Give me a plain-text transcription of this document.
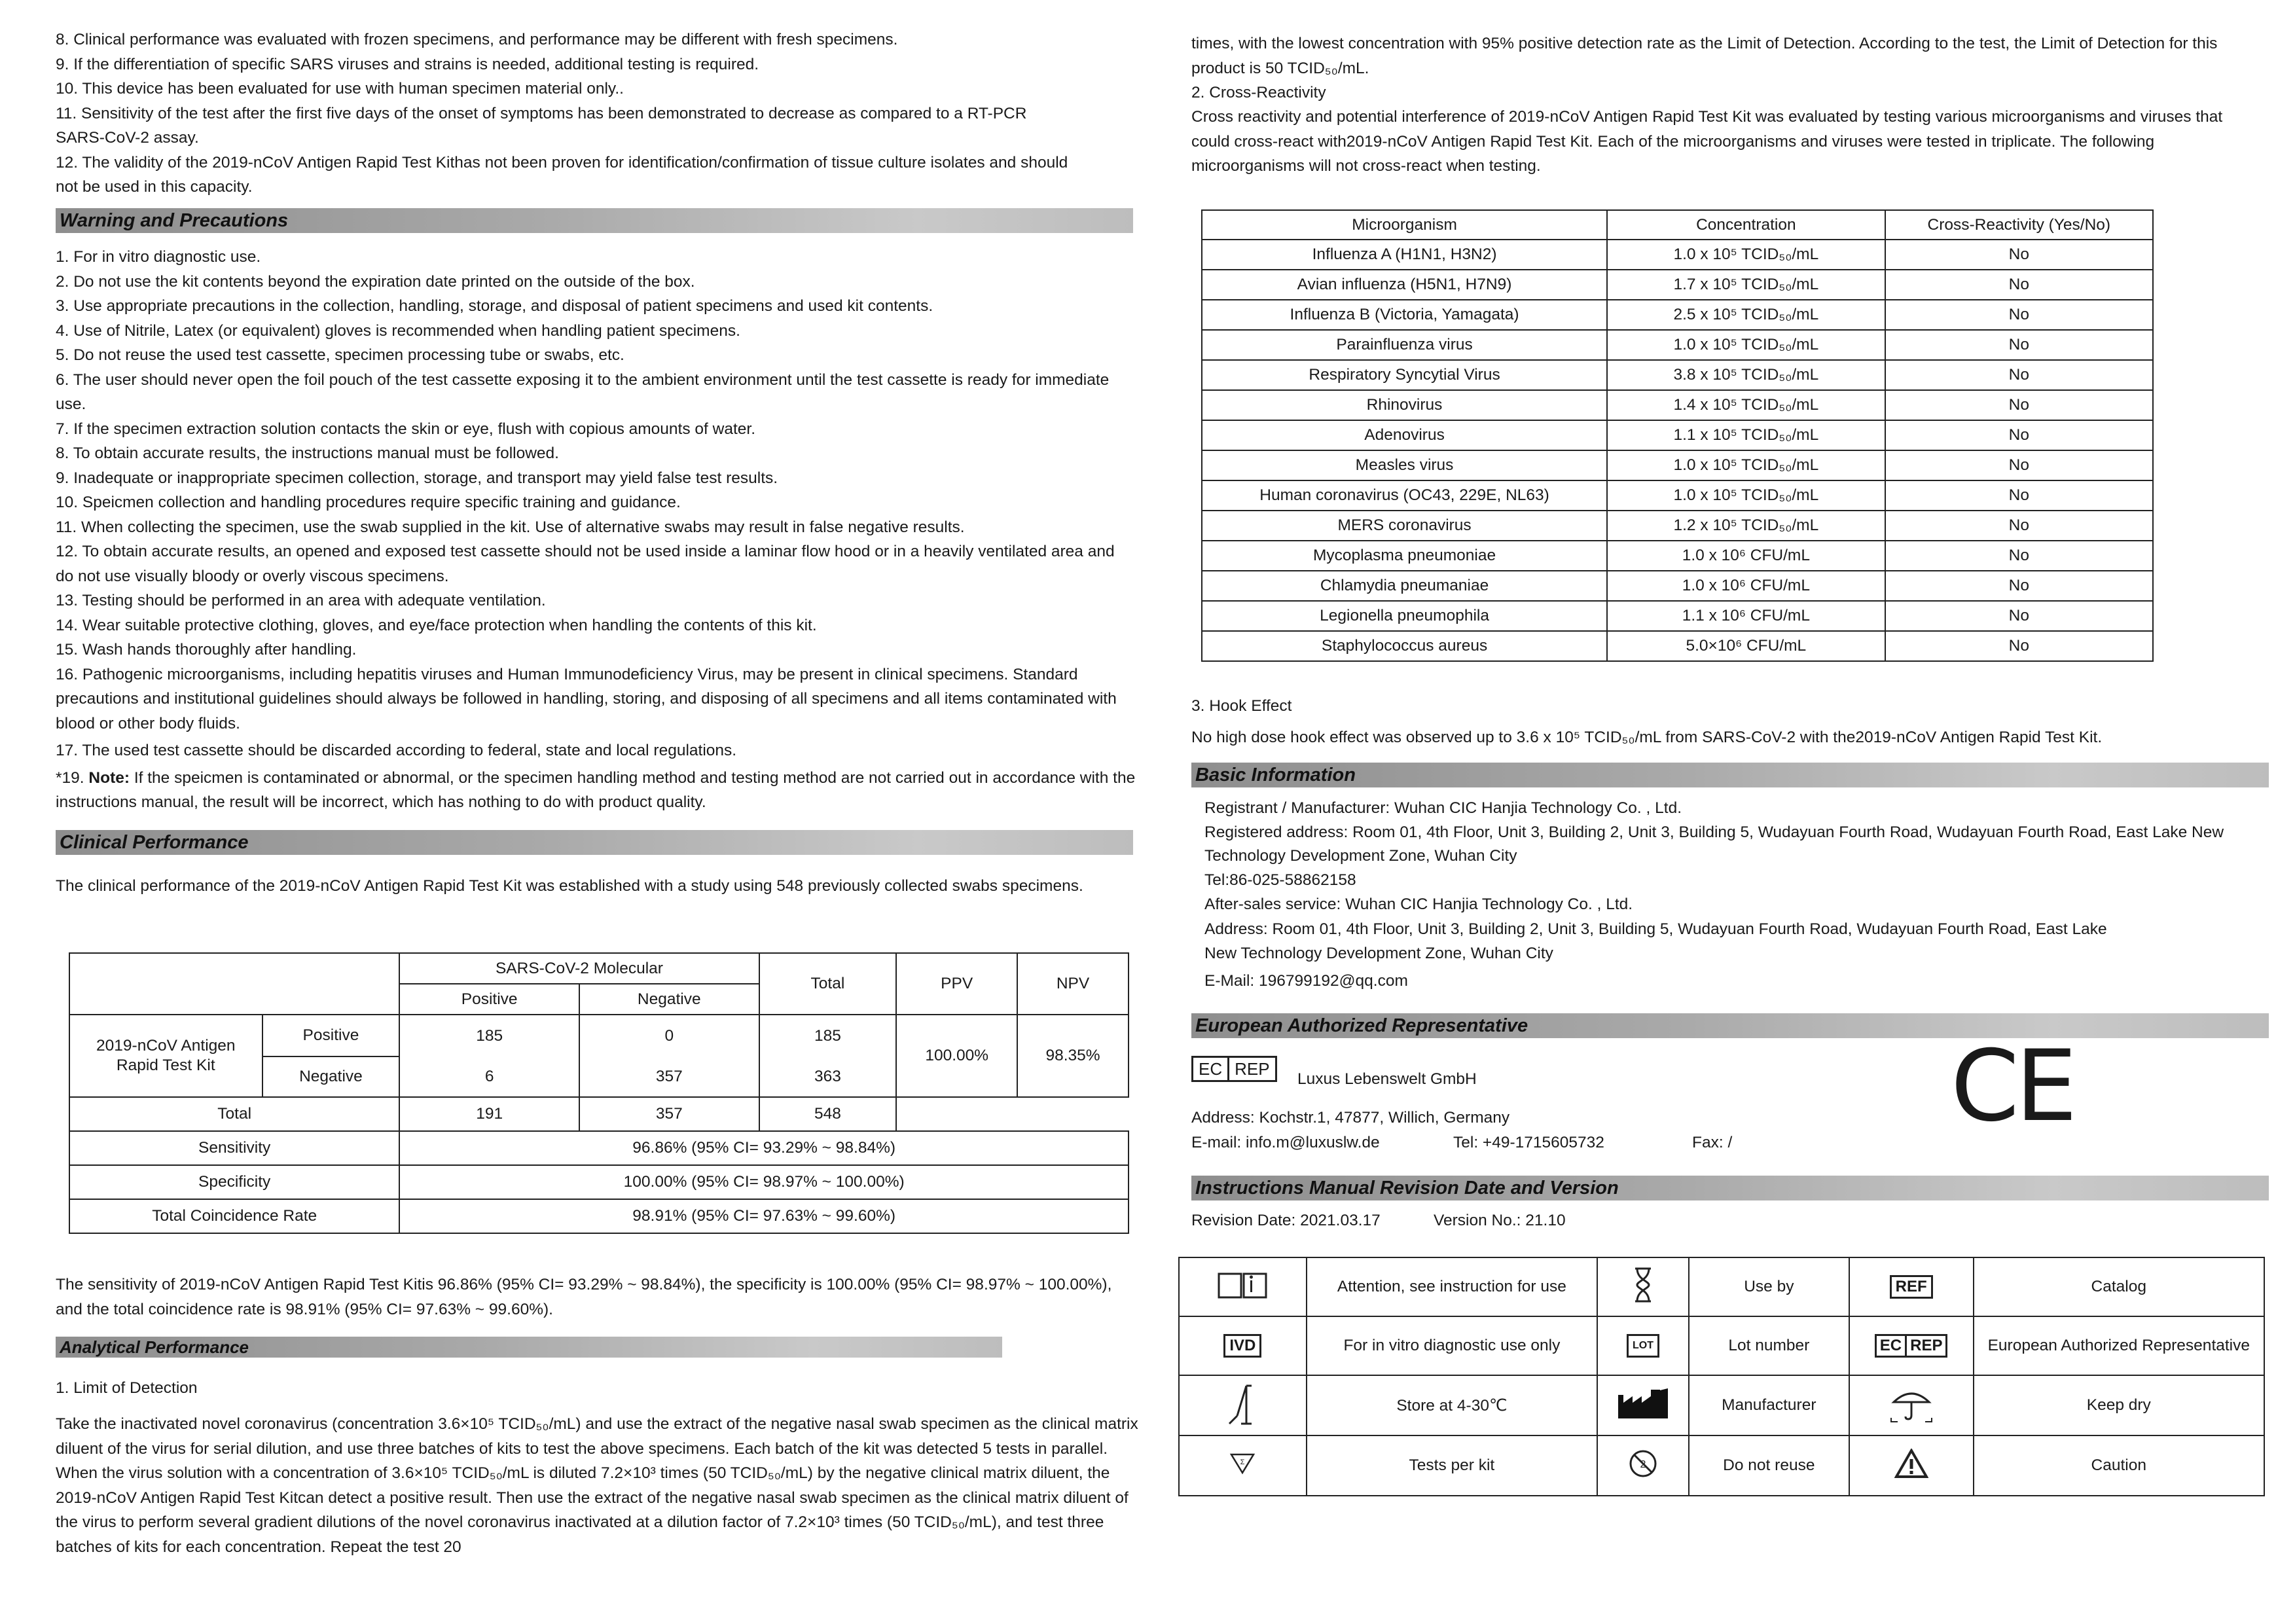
8. Clinical performance was evaluated with frozen specimens, and performance may be different with fresh specimens.

9. If the differentiation of specific SARS viruses and strains is needed, additional testing is required.

10. This device has been evaluated for use with human specimen material only..

11. Sensitivity of the test after the first five days of the onset of symptoms has been demonstrated to decrease as compared to a RT-PCR SARS-CoV-2 assay.

12. The validity of the 2019-nCoV Antigen Rapid Test Kithas not been proven for identification/confirmation of tissue culture isolates and should not be used in this capacity.

Warning and Precautions

1. For in vitro diagnostic use.

2. Do not use the kit contents beyond the expiration date printed on the outside of the box.

3. Use appropriate precautions in the collection, handling, storage, and disposal of patient specimens and used kit contents.

4. Use of Nitrile, Latex (or equivalent) gloves is recommended when handling patient specimens.

5. Do not reuse the used test cassette, specimen processing tube or swabs, etc.

6. The user should never open the foil pouch of the test cassette exposing it to the ambient environment until the test cassette is ready for immediate use.

7. If the specimen extraction solution contacts the skin or eye, flush with copious amounts of water.

8. To obtain accurate results, the instructions manual must be followed.

9. Inadequate or inappropriate specimen collection, storage, and transport may yield false test results.

10. Speicmen collection and handling procedures require specific training and guidance.

11. When collecting the specimen, use the swab supplied in the kit. Use of alternative swabs may result in false negative results.

12. To obtain accurate results, an opened and exposed test cassette should not be used inside a laminar flow hood or in a heavily ventilated area and do not use visually bloody or overly viscous specimens.

13. Testing should be performed in an area with adequate ventilation.

14. Wear suitable protective clothing, gloves, and eye/face protection when handling the contents of this kit.

15. Wash hands thoroughly after handling.

16. Pathogenic microorganisms, including hepatitis viruses and Human Immunodeficiency Virus, may be present in clinical specimens. Standard precautions and institutional guidelines should always be followed in handling, storing, and disposing of all specimens and all items contaminated with blood or other body fluids.

17. The used test cassette should be discarded according to federal, state and local regulations.

*19. Note: If the speicmen is contaminated or abnormal, or the specimen handling method and testing method are not carried out in accordance with the instructions manual, the result will be incorrect, which has nothing to do with product quality.

Clinical Performance

The clinical performance of the 2019-nCoV Antigen Rapid Test Kit was established with a study using 548 previously collected swabs specimens.

		SARS-CoV-2 Molecular		Total	PPV	NPV
		Positive	Negative			
2019-nCoV Antigen Rapid Test Kit	Positive	185	0	185	100.00%	98.35%
	Negative	6	357	363		
Total		191	357	548		
Sensitivity		96.86% (95% CI= 93.29% ~ 98.84%)				
Specificity		100.00% (95% CI= 98.97% ~ 100.00%)				
Total Coincidence Rate		98.91% (95% CI= 97.63% ~ 99.60%)				

The sensitivity of 2019-nCoV Antigen Rapid Test Kitis 96.86% (95% CI= 93.29% ~ 98.84%), the specificity is 100.00% (95% CI= 98.97% ~ 100.00%), and the total coincidence rate is 98.91% (95% CI= 97.63% ~ 99.60%).

Analytical Performance

1. Limit of Detection

Take the inactivated novel coronavirus (concentration 3.6×10⁵ TCID₅₀/mL) and use the extract of the negative nasal swab specimen as the clinical matrix diluent of the virus for serial dilution, and use three batches of kits to test the above specimens. Each batch of the kit was detected 5 tests in parallel. When the virus solution with a concentration of 3.6×10⁵ TCID₅₀/mL is diluted 7.2×10³ times (50 TCID₅₀/mL) by the negative clinical matrix diluent, the 2019-nCoV Antigen Rapid Test Kitcan detect a positive result. Then use the extract of the negative nasal swab specimen as the clinical matrix diluent of the virus to perform several gradient dilutions of the novel coronavirus inactivated at a dilution factor of 7.2×10³ times (50 TCID₅₀/mL), and test three batches of kits for each concentration. Repeat the test 20

times, with the lowest concentration with 95% positive detection rate as the Limit of Detection. According to the test, the Limit of Detection for this product is 50 TCID₅₀/mL.

2. Cross-Reactivity

Cross reactivity and potential interference of 2019-nCoV Antigen Rapid Test Kit was evaluated by testing various microorganisms and viruses that could cross-react with2019-nCoV Antigen Rapid Test Kit. Each of the microorganisms and viruses were tested in triplicate. The following microorganisms will not cross-react when testing.

Microorganism	Concentration	Cross-Reactivity (Yes/No)
Influenza A (H1N1, H3N2)	1.0 x 10⁵ TCID₅₀/mL	No
Avian influenza (H5N1, H7N9)	1.7 x 10⁵ TCID₅₀/mL	No
Influenza B (Victoria, Yamagata)	2.5 x 10⁵ TCID₅₀/mL	No
Parainfluenza virus	1.0 x 10⁵ TCID₅₀/mL	No
Respiratory Syncytial Virus	3.8 x 10⁵ TCID₅₀/mL	No
Rhinovirus	1.4 x 10⁵ TCID₅₀/mL	No
Adenovirus	1.1 x 10⁵ TCID₅₀/mL	No
Measles virus	1.0 x 10⁵ TCID₅₀/mL	No
Human coronavirus (OC43, 229E, NL63)	1.0 x 10⁵ TCID₅₀/mL	No
MERS coronavirus	1.2 x 10⁵ TCID₅₀/mL	No
Mycoplasma pneumoniae	1.0 x 10⁶ CFU/mL	No
Chlamydia pneumaniae	1.0 x 10⁶ CFU/mL	No
Legionella pneumophila	1.1 x 10⁶ CFU/mL	No
Staphylococcus aureus	5.0×10⁶ CFU/mL	No

3. Hook Effect

No high dose hook effect was observed up to 3.6 x 10⁵ TCID₅₀/mL from SARS-CoV-2 with the2019-nCoV Antigen Rapid Test Kit.

Basic Information

Registrant / Manufacturer: Wuhan CIC Hanjia Technology Co. , Ltd.

Registered address: Room 01, 4th Floor, Unit 3, Building 2, Unit 3, Building 5, Wudayuan Fourth Road, Wudayuan Fourth Road, East Lake New Technology Development Zone, Wuhan City

Tel:86-025-58862158

After-sales service: Wuhan CIC Hanjia Technology Co. , Ltd.

Address: Room 01, 4th Floor, Unit 3, Building 2, Unit 3, Building 5, Wudayuan Fourth Road, Wudayuan Fourth Road, East Lake New Technology Development Zone, Wuhan City

E-Mail: 196799192@qq.com

European Authorized Representative
EC REP

Luxus Lebenswelt GmbH

Address: Kochstr.1, 47877, Willich, Germany

E-mail: info.m@luxuslw.de	Tel: +49-1715605732	Fax: / CE
Instructions Manual Revision Date and Version

Revision Date: 2021.03.17	Version No.: 21.10

	Attention, see instruction for use		Use by	REF	Catalog
IVD	For in vitro diagnostic use only	LOT	Lot number	EC REP	European Authorized Representative
	Store at 4-30℃		Manufacturer		Keep dry

Σ	Tests per kit	2	Do not reuse		Caution
